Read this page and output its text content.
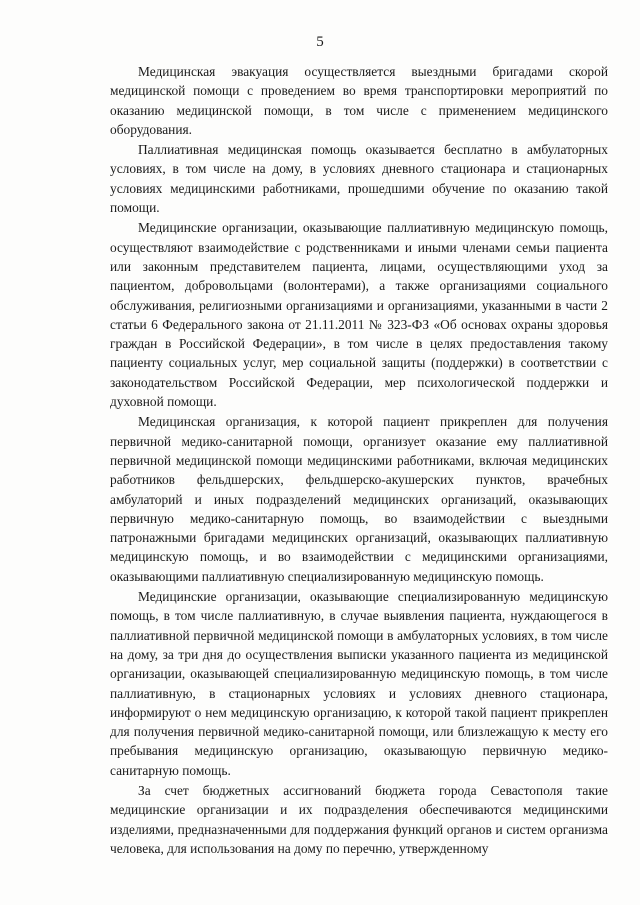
5

Медицинская эвакуация осуществляется выездными бригадами скорой медицинской помощи с проведением во время транспортировки мероприятий по оказанию медицинской помощи, в том числе с применением медицинского оборудования.

Паллиативная медицинская помощь оказывается бесплатно в амбулаторных условиях, в том числе на дому, в условиях дневного стационара и стационарных условиях медицинскими работниками, прошедшими обучение по оказанию такой помощи.

Медицинские организации, оказывающие паллиативную медицинскую помощь, осуществляют взаимодействие с родственниками и иными членами семьи пациента или законным представителем пациента, лицами, осуществляющими уход за пациентом, добровольцами (волонтерами), а также организациями социального обслуживания, религиозными организациями и организациями, указанными в части 2 статьи 6 Федерального закона от 21.11.2011 № 323-ФЗ «Об основах охраны здоровья граждан в Российской Федерации», в том числе в целях предоставления такому пациенту социальных услуг, мер социальной защиты (поддержки) в соответствии с законодательством Российской Федерации, мер психологической поддержки и духовной помощи.

Медицинская организация, к которой пациент прикреплен для получения первичной медико-санитарной помощи, организует оказание ему паллиативной первичной медицинской помощи медицинскими работниками, включая медицинских работников фельдшерских, фельдшерско-акушерских пунктов, врачебных амбулаторий и иных подразделений медицинских организаций, оказывающих первичную медико-санитарную помощь, во взаимодействии с выездными патронажными бригадами медицинских организаций, оказывающих паллиативную медицинскую помощь, и во взаимодействии с медицинскими организациями, оказывающими паллиативную специализированную медицинскую помощь.

Медицинские организации, оказывающие специализированную медицинскую помощь, в том числе паллиативную, в случае выявления пациента, нуждающегося в паллиативной первичной медицинской помощи в амбулаторных условиях, в том числе на дому, за три дня до осуществления выписки указанного пациента из медицинской организации, оказывающей специализированную медицинскую помощь, в том числе паллиативную, в стационарных условиях и условиях дневного стационара, информируют о нем медицинскую организацию, к которой такой пациент прикреплен для получения первичной медико-санитарной помощи, или близлежащую к месту его пребывания медицинскую организацию, оказывающую первичную медико-санитарную помощь.

За счет бюджетных ассигнований бюджета города Севастополя такие медицинские организации и их подразделения обеспечиваются медицинскими изделиями, предназначенными для поддержания функций органов и систем организма человека, для использования на дому по перечню, утвержденному
